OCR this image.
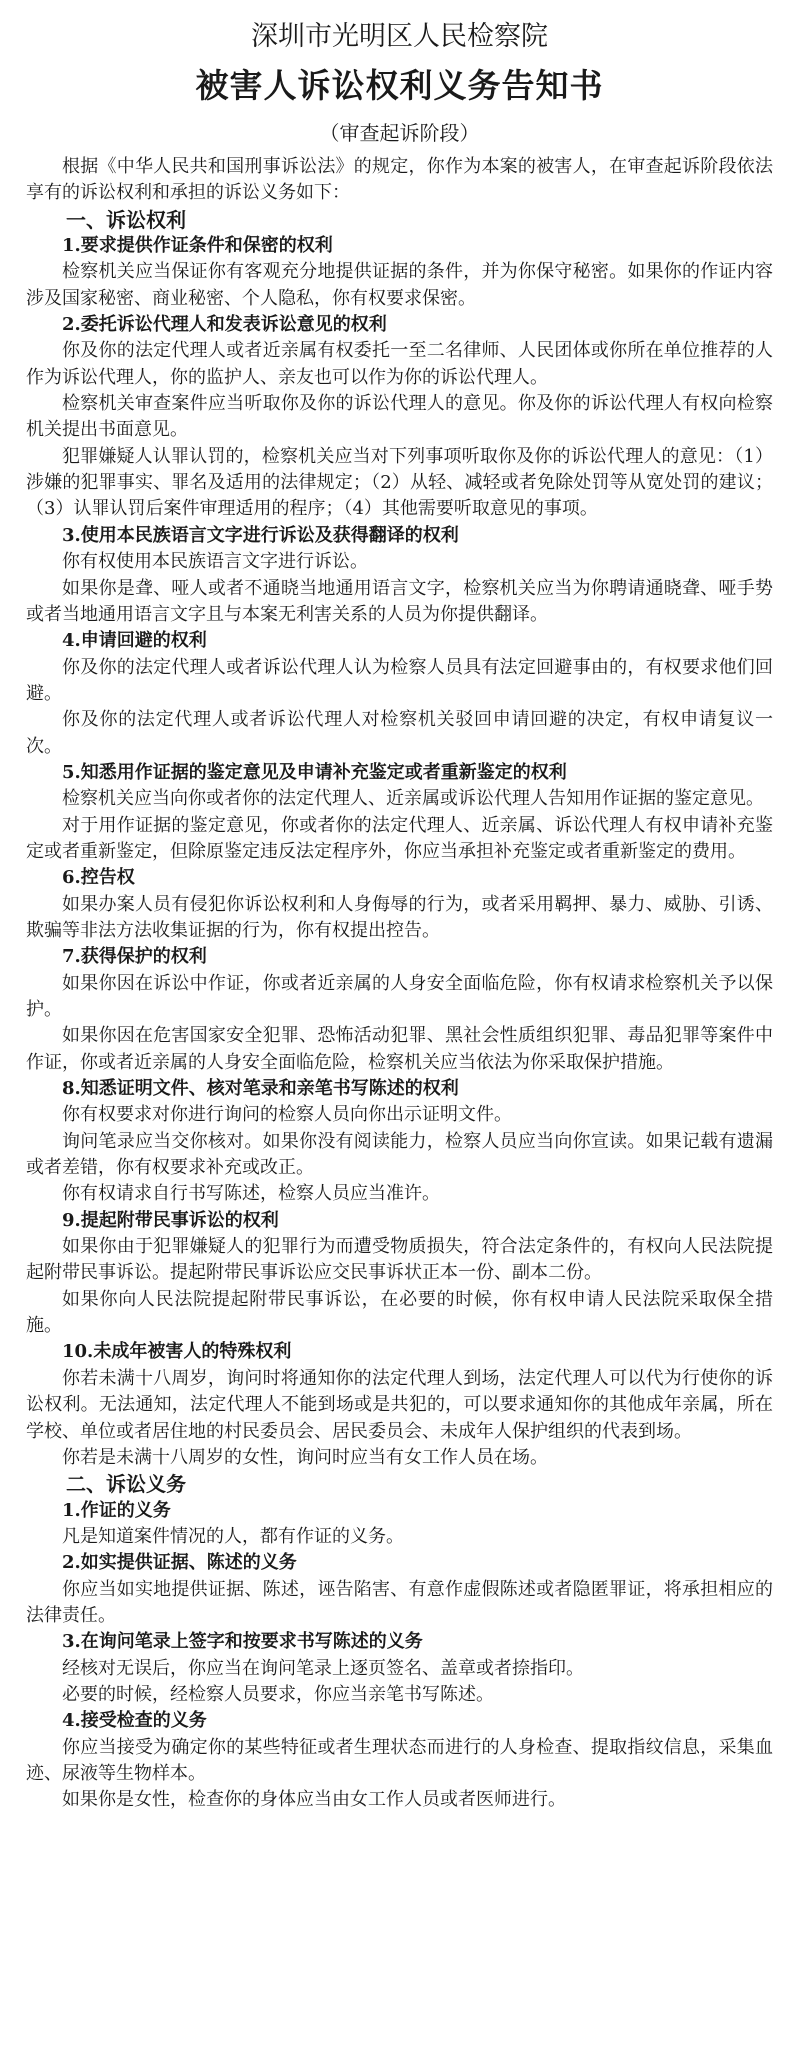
深圳市光明区人民检察院
被害人诉讼权利义务告知书
（审查起诉阶段）

根据《中华人民共和国刑事诉讼法》的规定，你作为本案的被害人，在审查起诉阶段依法享有的诉讼权利和承担的诉讼义务如下：

一、诉讼权利

1.要求提供作证条件和保密的权利

检察机关应当保证你有客观充分地提供证据的条件，并为你保守秘密。如果你的作证内容涉及国家秘密、商业秘密、个人隐私，你有权要求保密。

2.委托诉讼代理人和发表诉讼意见的权利

你及你的法定代理人或者近亲属有权委托一至二名律师、人民团体或你所在单位推荐的人作为诉讼代理人，你的监护人、亲友也可以作为你的诉讼代理人。

检察机关审查案件应当听取你及你的诉讼代理人的意见。你及你的诉讼代理人有权向检察机关提出书面意见。

犯罪嫌疑人认罪认罚的，检察机关应当对下列事项听取你及你的诉讼代理人的意见：（1）涉嫌的犯罪事实、罪名及适用的法律规定；（2）从轻、减轻或者免除处罚等从宽处罚的建议；（3）认罪认罚后案件审理适用的程序；（4）其他需要听取意见的事项。

3.使用本民族语言文字进行诉讼及获得翻译的权利

你有权使用本民族语言文字进行诉讼。

如果你是聋、哑人或者不通晓当地通用语言文字，检察机关应当为你聘请通晓聋、哑手势或者当地通用语言文字且与本案无利害关系的人员为你提供翻译。

4.申请回避的权利

你及你的法定代理人或者诉讼代理人认为检察人员具有法定回避事由的，有权要求他们回避。

你及你的法定代理人或者诉讼代理人对检察机关驳回申请回避的决定，有权申请复议一次。

5.知悉用作证据的鉴定意见及申请补充鉴定或者重新鉴定的权利

检察机关应当向你或者你的法定代理人、近亲属或诉讼代理人告知用作证据的鉴定意见。

对于用作证据的鉴定意见，你或者你的法定代理人、近亲属、诉讼代理人有权申请补充鉴定或者重新鉴定，但除原鉴定违反法定程序外，你应当承担补充鉴定或者重新鉴定的费用。

6.控告权

如果办案人员有侵犯你诉讼权利和人身侮辱的行为，或者采用羁押、暴力、威胁、引诱、欺骗等非法方法收集证据的行为，你有权提出控告。

7.获得保护的权利

如果你因在诉讼中作证，你或者近亲属的人身安全面临危险，你有权请求检察机关予以保护。

如果你因在危害国家安全犯罪、恐怖活动犯罪、黑社会性质组织犯罪、毒品犯罪等案件中作证，你或者近亲属的人身安全面临危险，检察机关应当依法为你采取保护措施。

8.知悉证明文件、核对笔录和亲笔书写陈述的权利

你有权要求对你进行询问的检察人员向你出示证明文件。

询问笔录应当交你核对。如果你没有阅读能力，检察人员应当向你宣读。如果记载有遗漏或者差错，你有权要求补充或改正。

你有权请求自行书写陈述，检察人员应当准许。

9.提起附带民事诉讼的权利

如果你由于犯罪嫌疑人的犯罪行为而遭受物质损失，符合法定条件的，有权向人民法院提起附带民事诉讼。提起附带民事诉讼应交民事诉状正本一份、副本二份。

如果你向人民法院提起附带民事诉讼，在必要的时候，你有权申请人民法院采取保全措施。

10.未成年被害人的特殊权利

你若未满十八周岁，询问时将通知你的法定代理人到场，法定代理人可以代为行使你的诉讼权利。无法通知，法定代理人不能到场或是共犯的，可以要求通知你的其他成年亲属，所在学校、单位或者居住地的村民委员会、居民委员会、未成年人保护组织的代表到场。

你若是未满十八周岁的女性，询问时应当有女工作人员在场。

二、诉讼义务

1.作证的义务

凡是知道案件情况的人，都有作证的义务。

2.如实提供证据、陈述的义务

你应当如实地提供证据、陈述，诬告陷害、有意作虚假陈述或者隐匿罪证，将承担相应的法律责任。

3.在询问笔录上签字和按要求书写陈述的义务

经核对无误后，你应当在询问笔录上逐页签名、盖章或者捺指印。

必要的时候，经检察人员要求，你应当亲笔书写陈述。

4.接受检查的义务

你应当接受为确定你的某些特征或者生理状态而进行的人身检查、提取指纹信息，采集血迹、尿液等生物样本。

如果你是女性，检查你的身体应当由女工作人员或者医师进行。
